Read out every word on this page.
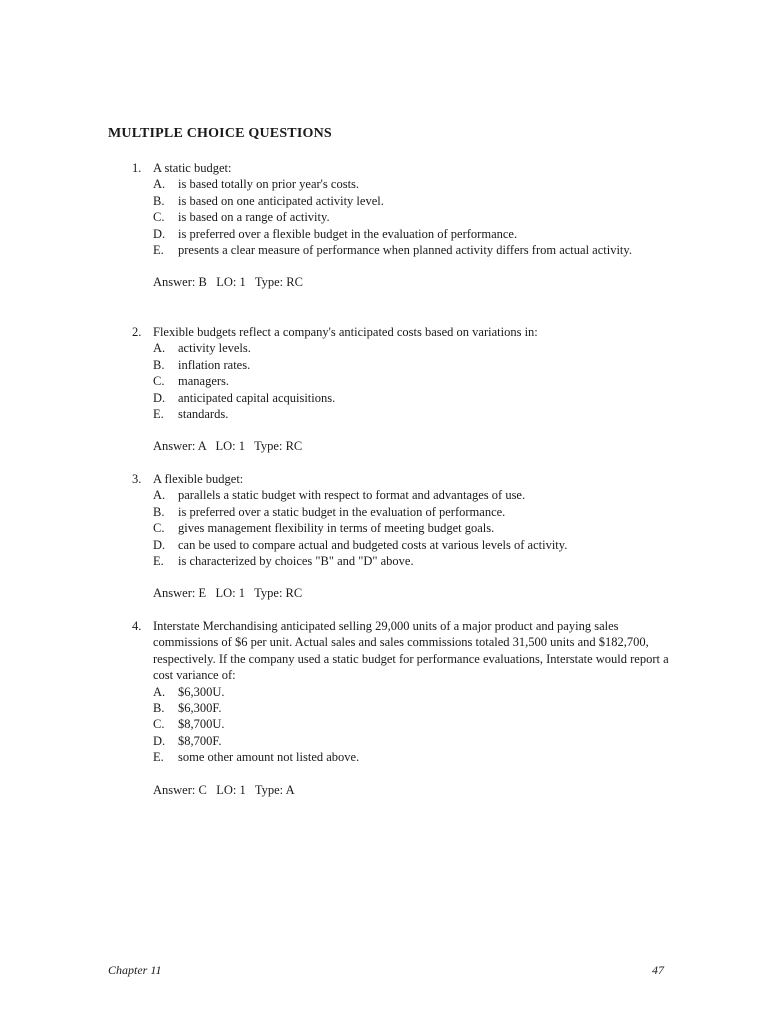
MULTIPLE CHOICE QUESTIONS
1. A static budget:
A.	is based totally on prior year's costs.
B.	is based on one anticipated activity level.
C.	is based on a range of activity.
D.	is preferred over a flexible budget in the evaluation of performance.
E.	presents a clear measure of performance when planned activity differs from actual activity.
Answer: B   LO: 1   Type: RC
2. Flexible budgets reflect a company's anticipated costs based on variations in:
A.	activity levels.
B.	inflation rates.
C.	managers.
D.	anticipated capital acquisitions.
E.	standards.
Answer: A   LO: 1   Type: RC
3. A flexible budget:
A.	parallels a static budget with respect to format and advantages of use.
B.	is preferred over a static budget in the evaluation of performance.
C.	gives management flexibility in terms of meeting budget goals.
D.	can be used to compare actual and budgeted costs at various levels of activity.
E.	is characterized by choices "B" and "D" above.
Answer: E   LO: 1   Type: RC
4. Interstate Merchandising anticipated selling 29,000 units of a major product and paying sales commissions of $6 per unit. Actual sales and sales commissions totaled 31,500 units and $182,700, respectively. If the company used a static budget for performance evaluations, Interstate would report a cost variance of:
A.	$6,300U.
B.	$6,300F.
C.	$8,700U.
D.	$8,700F.
E.	some other amount not listed above.
Answer: C   LO: 1   Type: A
Chapter 11	47
